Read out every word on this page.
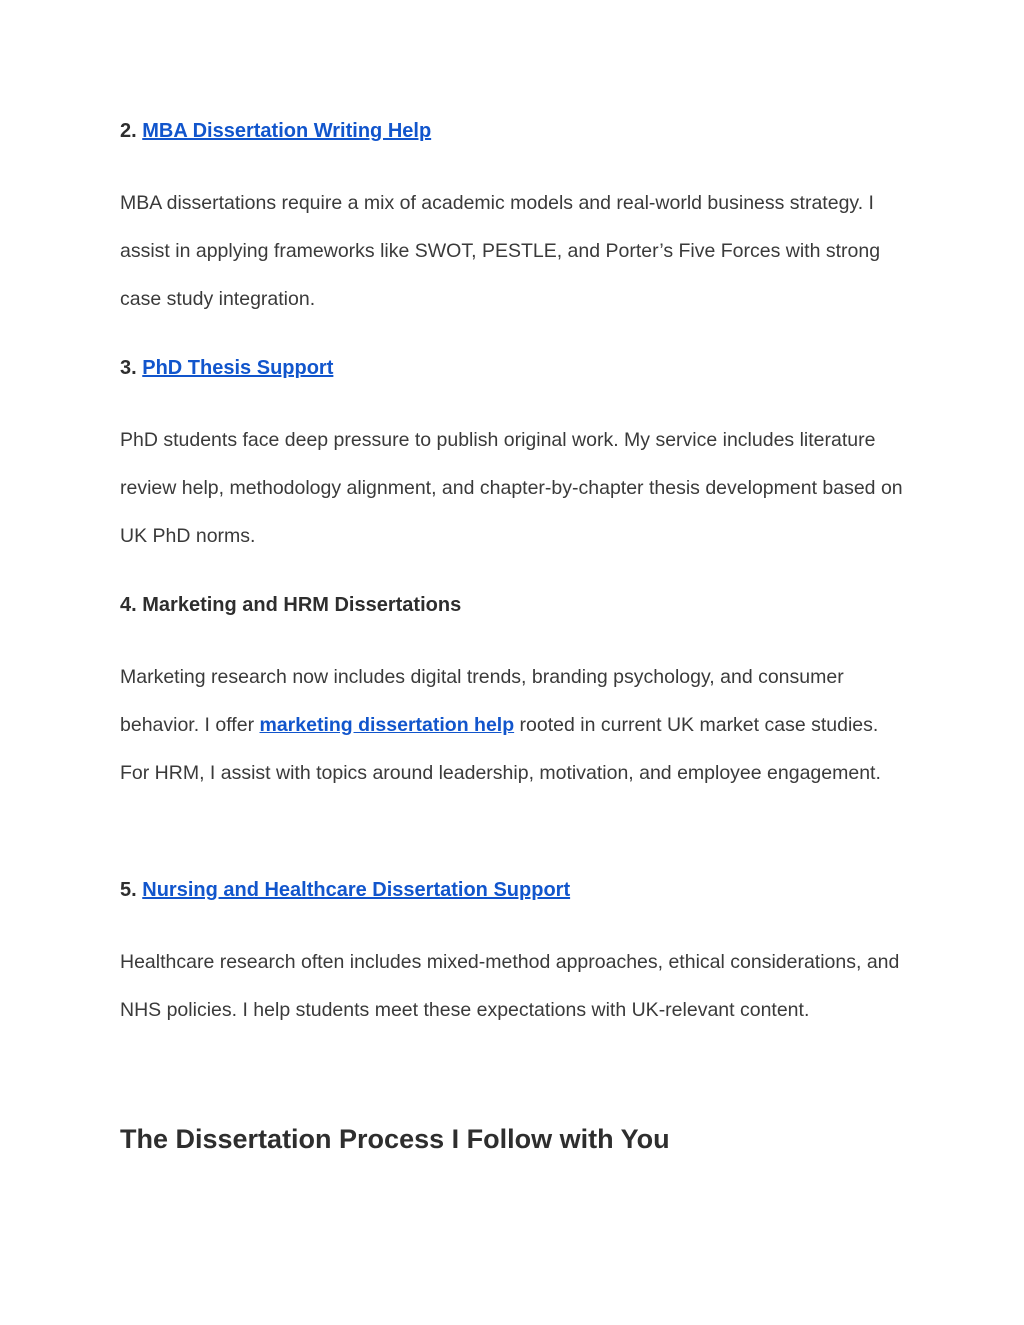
2. MBA Dissertation Writing Help

MBA dissertations require a mix of academic models and real-world business strategy. I assist in applying frameworks like SWOT, PESTLE, and Porter’s Five Forces with strong case study integration.

3. PhD Thesis Support

PhD students face deep pressure to publish original work. My service includes literature review help, methodology alignment, and chapter-by-chapter thesis development based on UK PhD norms.

4. Marketing and HRM Dissertations

Marketing research now includes digital trends, branding psychology, and consumer behavior. I offer marketing dissertation help rooted in current UK market case studies. For HRM, I assist with topics around leadership, motivation, and employee engagement.

5. Nursing and Healthcare Dissertation Support

Healthcare research often includes mixed-method approaches, ethical considerations, and NHS policies. I help students meet these expectations with UK-relevant content.

The Dissertation Process I Follow with You
